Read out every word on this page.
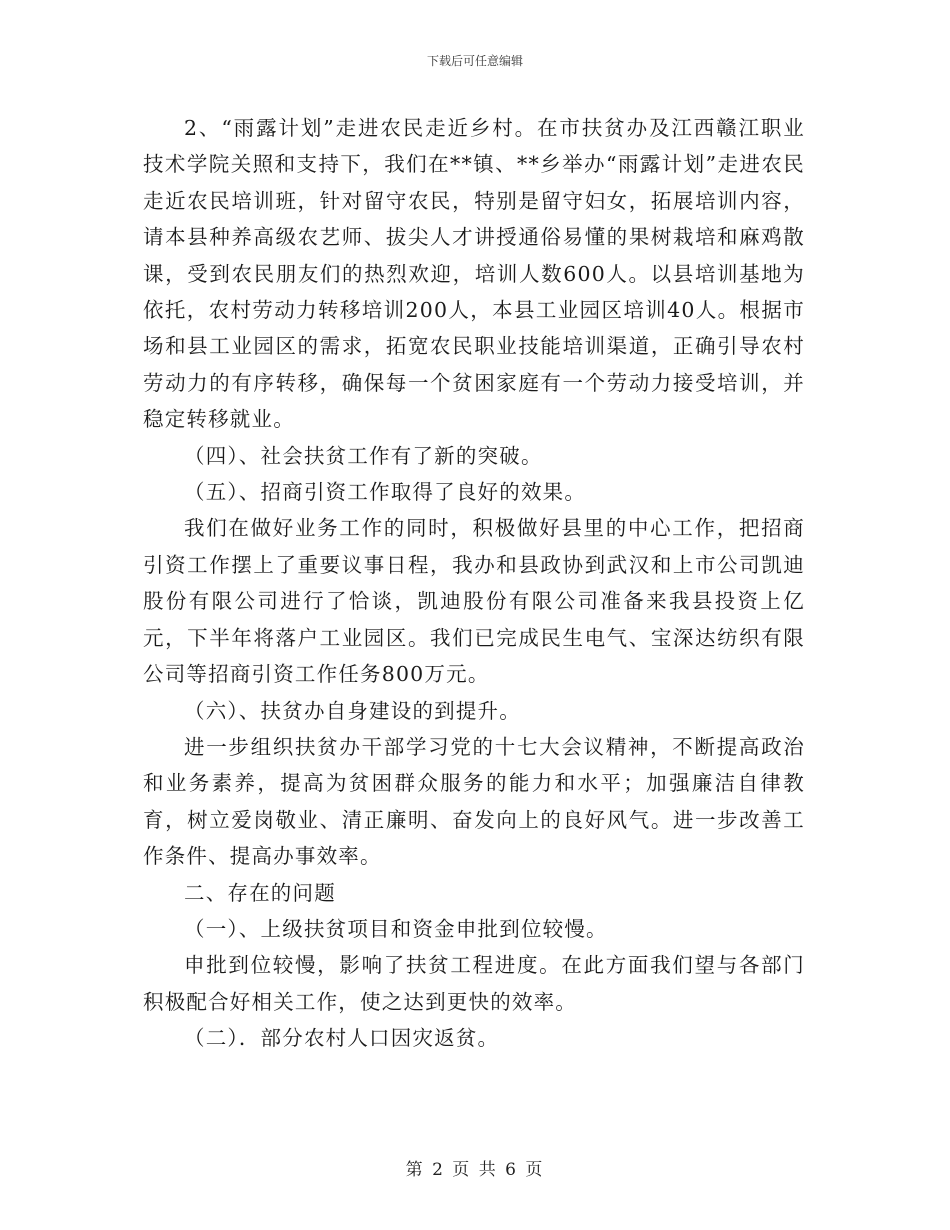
下载后可任意编辑

2、“雨露计划”走进农民走近乡村。在市扶贫办及江西赣江职业技术学院关照和支持下，我们在**镇、**乡举办“雨露计划”走进农民走近农民培训班，针对留守农民，特别是留守妇女，拓展培训内容，请本县种养高级农艺师、拔尖人才讲授通俗易懂的果树栽培和麻鸡散课，受到农民朋友们的热烈欢迎，培训人数600人。以县培训基地为依托，农村劳动力转移培训200人，本县工业园区培训40人。根据市场和县工业园区的需求，拓宽农民职业技能培训渠道，正确引导农村劳动力的有序转移，确保每一个贫困家庭有一个劳动力接受培训，并稳定转移就业。

（四）、社会扶贫工作有了新的突破。

（五）、招商引资工作取得了良好的效果。

我们在做好业务工作的同时，积极做好县里的中心工作，把招商引资工作摆上了重要议事日程，我办和县政协到武汉和上市公司凯迪股份有限公司进行了恰谈，凯迪股份有限公司准备来我县投资上亿元，下半年将落户工业园区。我们已完成民生电气、宝深达纺织有限公司等招商引资工作任务800万元。

（六）、扶贫办自身建设的到提升。

进一步组织扶贫办干部学习党的十七大会议精神，不断提高政治和业务素养，提高为贫困群众服务的能力和水平；加强廉洁自律教育，树立爱岗敬业、清正廉明、奋发向上的良好风气。进一步改善工作条件、提高办事效率。

二、存在的问题

（一）、上级扶贫项目和资金申批到位较慢。

申批到位较慢，影响了扶贫工程进度。在此方面我们望与各部门积极配合好相关工作，使之达到更快的效率。

（二）．部分农村人口因灾返贫。

第 2 页 共 6 页
